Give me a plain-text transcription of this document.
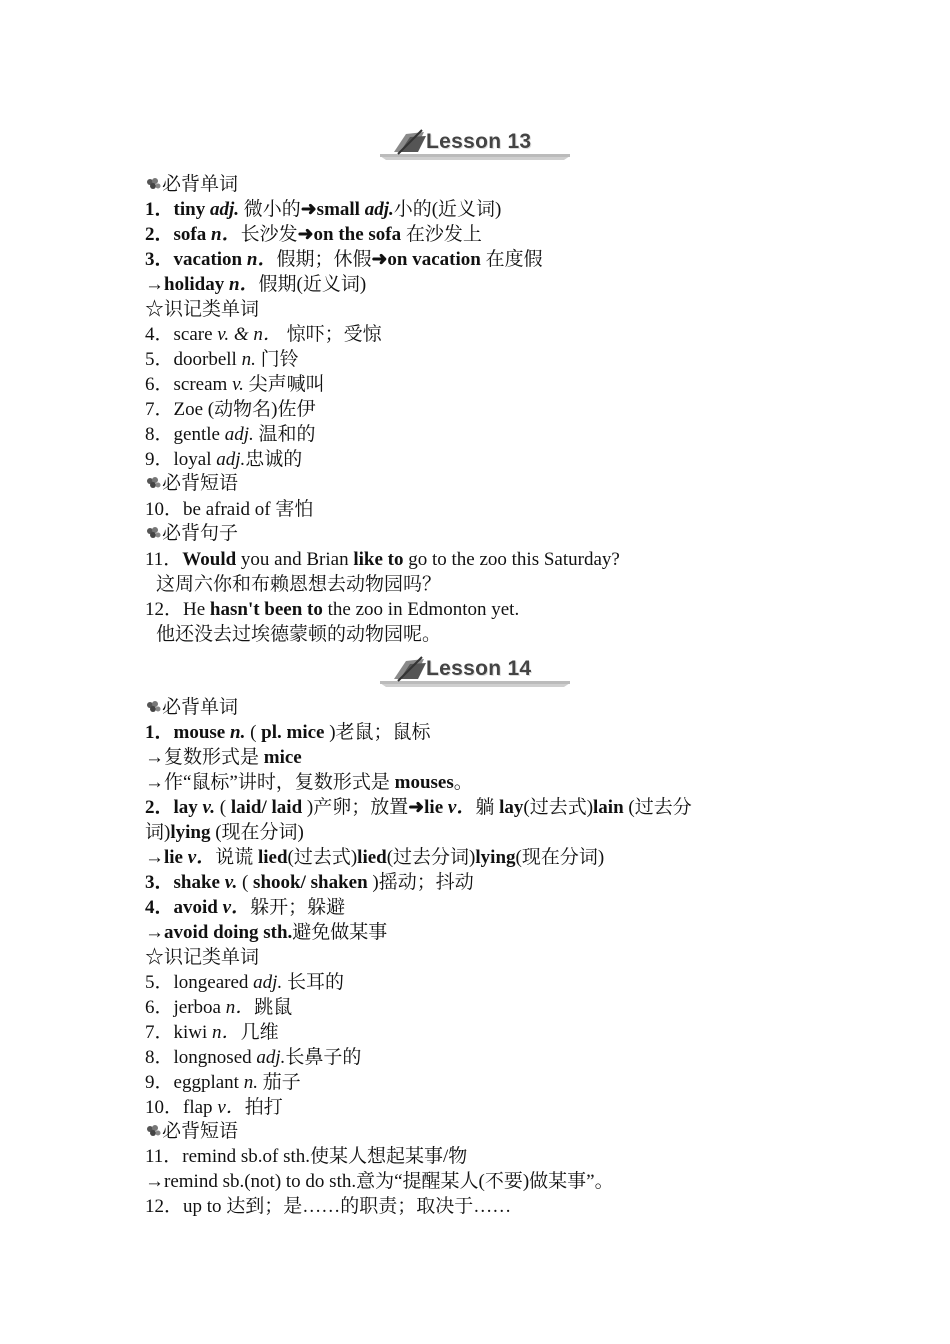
Lesson 13
必背单词
1．tiny adj. 微小的➜small adj.小的(近义词)
2．sofa n．长沙发➜on the sofa 在沙发上
3．vacation n．假期；休假➜on vacation 在度假
→holiday n．假期(近义词)
☆识记类单词
4．scare v. & n． 惊吓；受惊
5．doorbell n. 门铃
6．scream v. 尖声喊叫
7．Zoe (动物名)佐伊
8．gentle adj. 温和的
9．loyal adj.忠诚的
必背短语
10．be afraid of 害怕
必背句子
11．Would you and Brian like to go to the zoo this Saturday?
这周六你和布赖恩想去动物园吗？
12．He hasn't been to the zoo in Edmonton yet.
他还没去过埃德蒙顿的动物园呢。
Lesson 14
必背单词
1．mouse n. ( pl. mice )老鼠；鼠标
→复数形式是 mice
→作“鼠标”讲时，复数形式是 mouses。
2．lay v. ( laid/ laid )产卵；放置➜lie v．躺 lay(过去式)lain (过去分
词)lying (现在分词)
→lie v．说谎 lied(过去式)lied(过去分词)lying(现在分词)
3．shake v. ( shook/ shaken )摇动；抖动
4．avoid v．躲开；躲避
→avoid doing sth.避免做某事
☆识记类单词
5．longeared adj. 长耳的
6．jerboa n．跳鼠
7．kiwi n．几维
8．longnosed adj.长鼻子的
9．eggplant n. 茄子
10．flap v．拍打
必背短语
11．remind sb.of sth.使某人想起某事/物
→remind sb.(not) to do sth.意为“提醒某人(不要)做某事”。
12．up to 达到；是……的职责；取决于……
